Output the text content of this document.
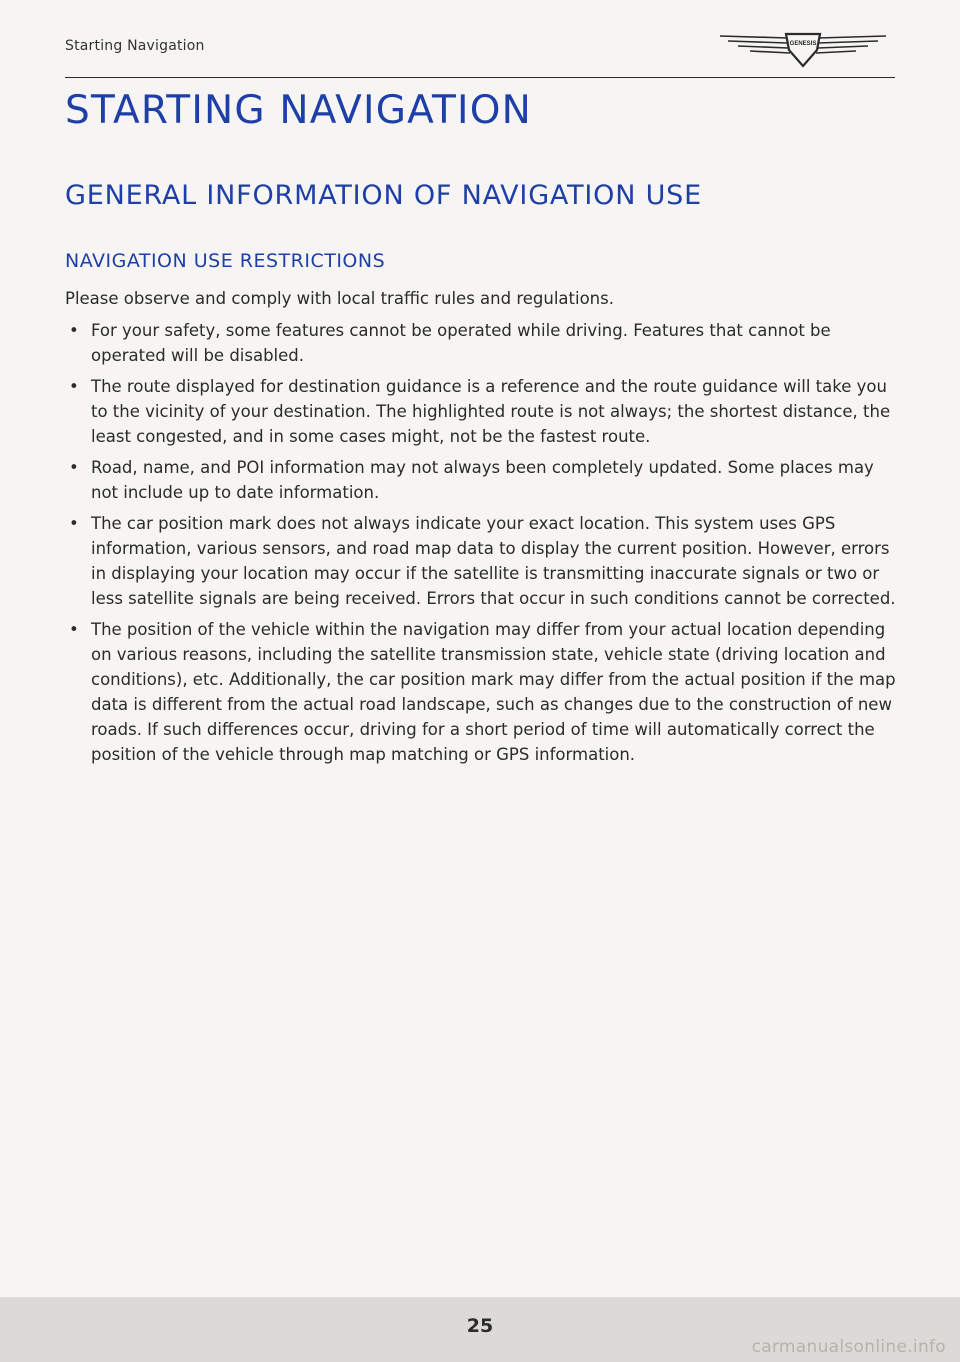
Starting Navigation	GENESIS
STARTING NAVIGATION
GENERAL INFORMATION OF NAVIGATION USE
NAVIGATION USE RESTRICTIONS

Please observe and comply with local traffic rules and regulations.

• For your safety, some features cannot be operated while driving. Features that cannot be operated will be disabled.
• The route displayed for destination guidance is a reference and the route guidance will take you to the vicinity of your destination. The highlighted route is not always; the shortest distance, the least congested, and in some cases might, not be the fastest route.
• Road, name, and POI information may not always been completely updated. Some places may not include up to date information.
• The car position mark does not always indicate your exact location. This system uses GPS information, various sensors, and road map data to display the current position. However, errors in displaying your location may occur if the satellite is transmitting inaccurate signals or two or less satellite signals are being received. Errors that occur in such conditions cannot be corrected.
• The position of the vehicle within the navigation may differ from your actual location depending on various reasons, including the satellite transmission state, vehicle state (driving location and conditions), etc. Additionally, the car position mark may differ from the actual position if the map data is different from the actual road landscape, such as changes due to the construction of new roads. If such differences occur, driving for a short period of time will automatically correct the position of the vehicle through map matching or GPS information.
25
carmanualsonline.info
